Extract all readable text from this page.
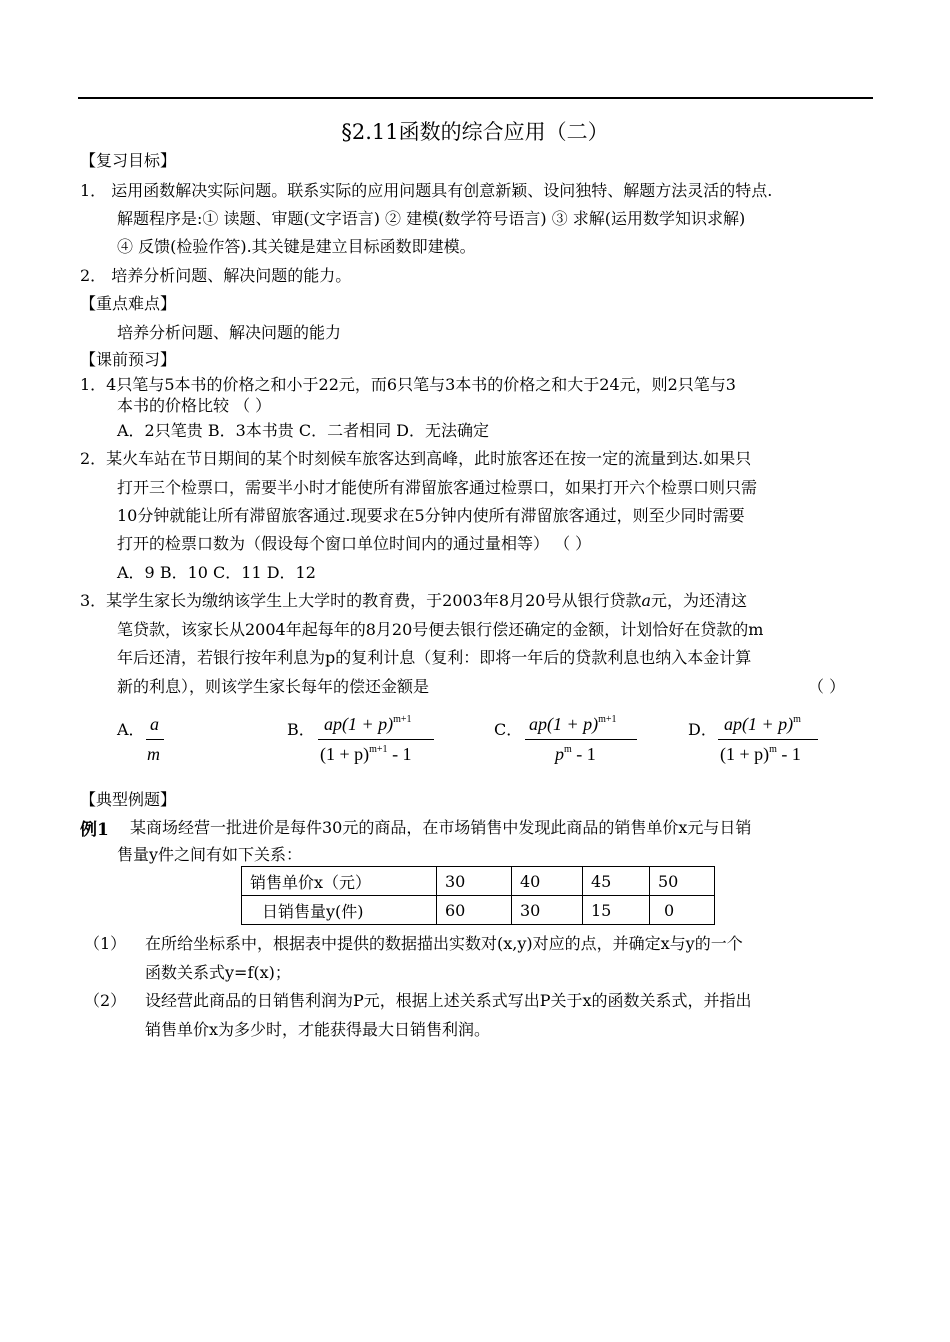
§2.11函数的综合应用（二）
【复习目标】
1． 运用函数解决实际问题。联系实际的应用问题具有创意新颖、设问独特、解题方法灵活的特点.
解题程序是:① 读题、审题(文字语言) ② 建模(数学符号语言) ③ 求解(运用数学知识求解)
④ 反馈(检验作答).其关键是建立目标函数即建模。
2． 培养分析问题、解决问题的能力。
【重点难点】
培养分析问题、解决问题的能力
【课前预习】
1．4只笔与5本书的价格之和小于22元，而6只笔与3本书的价格之和大于24元，则2只笔与3
本书的价格比较 （ ）
A．2只笔贵 B．3本书贵 C．二者相同 D．无法确定
2．某火车站在节日期间的某个时刻候车旅客达到高峰，此时旅客还在按一定的流量到达.如果只
打开三个检票口，需要半小时才能使所有滞留旅客通过检票口，如果打开六个检票口则只需
10分钟就能让所有滞留旅客通过.现要求在5分钟内使所有滞留旅客通过，则至少同时需要
打开的检票口数为（假设每个窗口单位时间内的通过量相等） （ ）
A．9 B．10 C．11 D．12
3．某学生家长为缴纳该学生上大学时的教育费，于2003年8月20号从银行贷款a元，为还清这
笔贷款，该家长从2004年起每年的8月20号便去银行偿还确定的金额，计划恰好在贷款的m
年后还清，若银行按年利息为p的复利计息（复利：即将一年后的贷款利息也纳入本金计算
新的利息），则该学生家长每年的偿还金额是	（ ）
A． a
m
B． $ap(1 + p)^{m+1}$
$(1 + p)^{m+1} - 1$
C． $ap(1 + p)^{m+1}$
$p^m - 1$
D． $ap(1 + p)^m$
$(1 + p)^m - 1$
【典型例题】
例1 某商场经营一批进价是每件30元的商品，在市场销售中发现此商品的销售单价x元与日销
售量y件之间有如下关系：
销售单价x（元）	30	40	45	50
日销售量y(件)	60	30	15	0
（1） 在所给坐标系中，根据表中提供的数据描出实数对(x,y)对应的点，并确定x与y的一个
函数关系式y=f(x)；
（2） 设经营此商品的日销售利润为P元，根据上述关系式写出P关于x的函数关系式，并指出
销售单价x为多少时，才能获得最大日销售利润。
